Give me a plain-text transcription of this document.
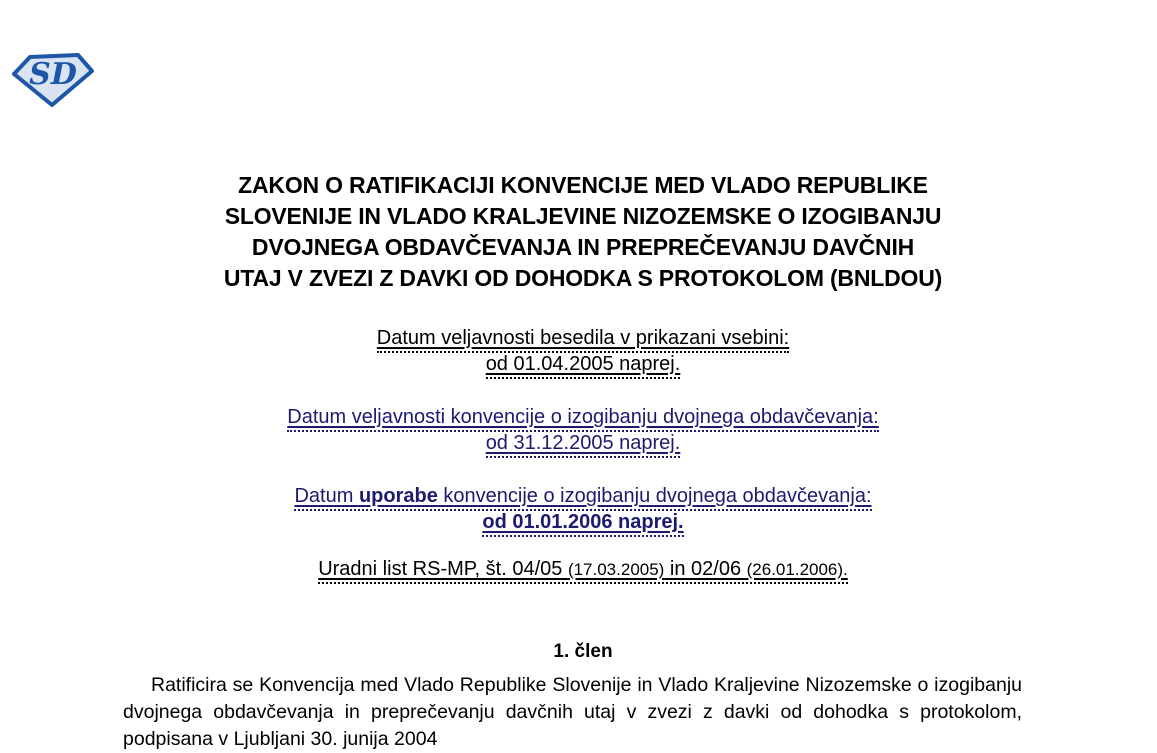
SD
ZAKON O RATIFIKACIJI KONVENCIJE MED VLADO REPUBLIKE
SLOVENIJE IN VLADO KRALJEVINE NIZOZEMSKE O IZOGIBANJU
DVOJNEGA OBDAVČEVANJA IN PREPREČEVANJU DAVČNIH
UTAJ V ZVEZI Z DAVKI OD DOHODKA S PROTOKOLOM (BNLDOU)
Datum veljavnosti besedila v prikazani vsebini:
od 01.04.2005 naprej.
Datum veljavnosti konvencije o izogibanju dvojnega obdavčevanja:
od 31.12.2005 naprej.
Datum uporabe konvencije o izogibanju dvojnega obdavčevanja:
od 01.01.2006 naprej.
Uradni list RS-MP, št. 04/05 (17.03.2005) in 02/06 (26.01.2006).
1. člen
Ratificira se Konvencija med Vlado Republike Slovenije in Vlado Kraljevine Nizozemske o izogibanju dvojnega obdavčevanja in preprečevanju davčnih utaj v zvezi z davki od dohodka s protokolom, podpisana v Ljubljani 30. junija 2004
